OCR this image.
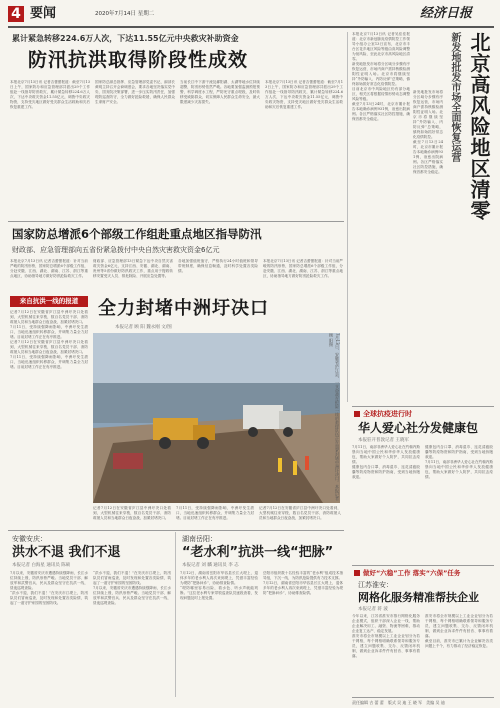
4 要闻	2020年7月14日 星期二	经济日报
累计紧急转移224.6万人次，下达11.55亿元中央救灾补助资金
防汛抗洪取得阶段性成效
本报北京7月13日讯 记者吉蕾蕾报道：截至7月13日上午，国家防办和应急管理部共派出29个工作组赴一线指导防汛救灾，累计紧急转移224.6万人次，下达中央救灾资金11.55亿元，调拨中央救灾物资，支持受灾地区做好受灾群众生活救助和灾后恢复重建工作。
国家防总副总指挥、应急管理部党委书记、副部长黄明主持召开会商调度会，要求各地坚决落实党中央、国务院决策部署，进一步压实防汛责任，加强堤防巡查防守，全力做好抢险救援，确保人民群众生命财产安全。
当前长江中下游干流及鄱阳湖、太湖等地水位持续超警，防汛形势依然严峻。各地要加强监测预报预警，科学调度水工程，严防死守重点堤段，及时转移受威胁群众，切实保障人民群众生命安全，最大限度减少灾害损失。
本报北京7月13日讯 记者吉蕾蕾报道：截至7月13日上午，国家防办和应急管理部共派出29个工作组赴一线指导防汛救灾，累计紧急转移224.6万人次，下达中央救灾资金11.55亿元，调拨中央救灾物资，支持受灾地区做好受灾群众生活救助和灾后恢复重建工作。
本报北京7月13日讯 记者吴佳佳报道：北京市新冠肺炎疫情防控工作领导小组办公室13日宣布，北京市丰台区花乡地区风险等级由高风险调整为低风险，至此北京市高风险地区清零。
新发地批发市场将分区域分步骤有序恢复运营，市场内商户需持核酸检测阴性证明入场。北京市将继续坚持“外防输入、内防反弹”总策略，慎终如始抓好常态化疫情防控。
目前北京市中风险地区仍有部分地区，相关区将根据疫情形势动态调整风险等级。
截至7月13日24时，北京市累计报告本地确诊病例931例，治愈出院病例。各区严格落实社区防控措施，确保首都安全稳定。
新发地批发市场将分区域分步骤有序恢复运营，市场内商户需持核酸检测阴性证明入场。北京市将继续坚持“外防输入、内防反弹”总策略，慎终如始抓好常态化疫情防控。
截至7月13日24时，北京市累计报告本地确诊病例931例，治愈出院病例。各区严格落实社区防控措施，确保首都安全稳定。
新发地批发市场全面恢复运营 北京高风险地区清零
国家防总增派6个部级工作组赴重点地区指导防汛
财政部、应急管理部向五省份紧急拨付中央自然灾害救灾资金6亿元
本报北京7月13日讯 记者吉蕾蕾报道：针对当前严峻的防汛形势，国家防总增派6个部级工作组，分赴安徽、江西、湖北、湖南、江苏、浙江等重点地区，协助指导地方做好防汛抢险救灾工作。
财政部、应急管理部13日紧急下达中央自然灾害救灾资金6亿元，支持江西、安徽、湖北、湖南、贵州等5省份做好防汛救灾工作，重点用于搜救转移安置受灾人员、排危除险、开展应急处置等。
各地加强值班值守，严格执行24小时值班和领导带班制度，确保信息畅通，及时科学处置各类险情。
本报北京7月13日讯 记者吉蕾蕾报道：针对当前严峻的防汛形势，国家防总增派6个部级工作组，分赴安徽、江西、湖北、湖南、江苏、浙江等重点地区，协助指导地方做好防汛抢险救灾工作。
来自抗洪一线的报道
记者7月12日在安徽省庐江县中洲圩决口处看到，大型机械往来穿梭，数百名党员干部、消防救援人员和当地群众日夜奋战，加紧封堵决口。
7月11日，受持续强降雨影响，中洲圩发生溃口，当地迅速组织转移群众，并调集力量全力封堵。目前封堵工作正在有序推进。
记者7月12日在安徽省庐江县中洲圩决口处看到，大型机械往来穿梭，数百名党员干部、消防救援人员和当地群众日夜奋战，加紧封堵决口。
7月11日，受持续强降雨影响，中洲圩发生溃口，当地迅速组织转移群众，并调集力量全力封堵。目前封堵工作正在有序推进。
全力封堵中洲圩决口
本报记者 顾 阳 魏永刚 文/图
7月13日，安徽省庐江县，一支奋战在抢险一线的救援队伍正在加紧封堵中洲圩决口。本报记者 顾 阳摄
记者7月12日在安徽省庐江县中洲圩决口处看到，大型机械往来穿梭，数百名党员干部、消防救援人员和当地群众日夜奋战，加紧封堵决口。
7月11日，受持续强降雨影响，中洲圩发生溃口，当地迅速组织转移群众，并调集力量全力封堵。目前封堵工作正在有序推进。
记者7月12日在安徽省庐江县中洲圩决口处看到，大型机械往来穿梭，数百名党员干部、消防救援人员和当地群众日夜奋战，加紧封堵决口。
全球抗疫进行时
华人爱心社分发健康包
本报驻开普敦记者 王晓军
7月11日，南部非洲华人爱心社在约翰内斯堡向当地中国公民和华侨华人发放健康包，帮助大家做好个人防护，共同抗击疫情。
健康包内含口罩、消毒湿巾、连花清瘟胶囊等防疫物资和防护指南，受到当地侨胞欢迎。
健康包内含口罩、消毒湿巾、连花清瘟胶囊等防疫物资和防护指南，受到当地侨胞欢迎。
7月11日，南部非洲华人爱心社在约翰内斯堡向当地中国公民和华侨华人发放健康包，帮助大家做好个人防护，共同抗击疫情。
做好“六稳”工作 落实“六保”任务
江苏淮安：
网格化服务精准帮扶企业
本报记者 蒋 波
今年以来，江苏省淮安市推行网格化服务企业模式，组织干部深入企业一线，帮助企业解决用工、融资、物流等困难，推动企业复工达产、稳定发展。
淮安市将全市规模以上工业企业划分为若干网格，每个网格明确联系领导和服务专员，建立问题收集、交办、反馈闭环机制，做到企业诉求件件有回音、事事有着落。
淮安市将全市规模以上工业企业划分为若干网格，每个网格明确联系领导和服务专员，建立问题收集、交办、反馈闭环机制，做到企业诉求件件有回音、事事有着落。
截至目前，淮安市已累计为企业解决各类问题上千个，有力推动了经济稳定恢复。
安徽安庆：
洪水不退 我们不退
本报记者 白海星 通讯员 陈硕
7月以来，安徽省安庆市遭遇持续强降雨，长江水位持续上涨，防汛形势严峻。当地党员干部、解放军和武警官兵、民兵及群众坚守在抗洪一线，昼夜巡堤查险。
“洪水不退，我们不退！”在安庆市江堤上，防汛队员们冒雨巡查，及时发现和处置各类险情，筑起了一道守护家园的坚固防线。
“洪水不退，我们不退！”在安庆市江堤上，防汛队员们冒雨巡查，及时发现和处置各类险情，筑起了一道守护家园的坚固防线。
7月以来，安徽省安庆市遭遇持续强降雨，长江水位持续上涨，防汛形势严峻。当地党员干部、解放军和武警官兵、民兵及群众坚守在抗洪一线，昼夜巡堤查险。
湖南岳阳：
“老水利”抗洪一线“把脉”
本报记者 刘 麟 通讯员 李 志
7月12日，湖南省岳阳市华容县长江大堤上，退休多年的老水利人再次来到堤上，凭借丰富经验为堤防“把脉问诊”，协助排查险情。
“堤防哪里容易出险，看水色、听水声就能判断。”这位老水利专家带领巡查队员逐段查看，发现问题及时上报处置。
岳阳市组织数十名经验丰富的“老水利”组成技术指导组，下沉一线，为防汛抢险提供有力技术支撑。
7月12日，湖南省岳阳市华容县长江大堤上，退休多年的老水利人再次来到堤上，凭借丰富经验为堤防“把脉问诊”，协助排查险情。
责任编辑 吉 蕾 蕾　版式 吴 迪 王 晓 军　美编 吴 迪
